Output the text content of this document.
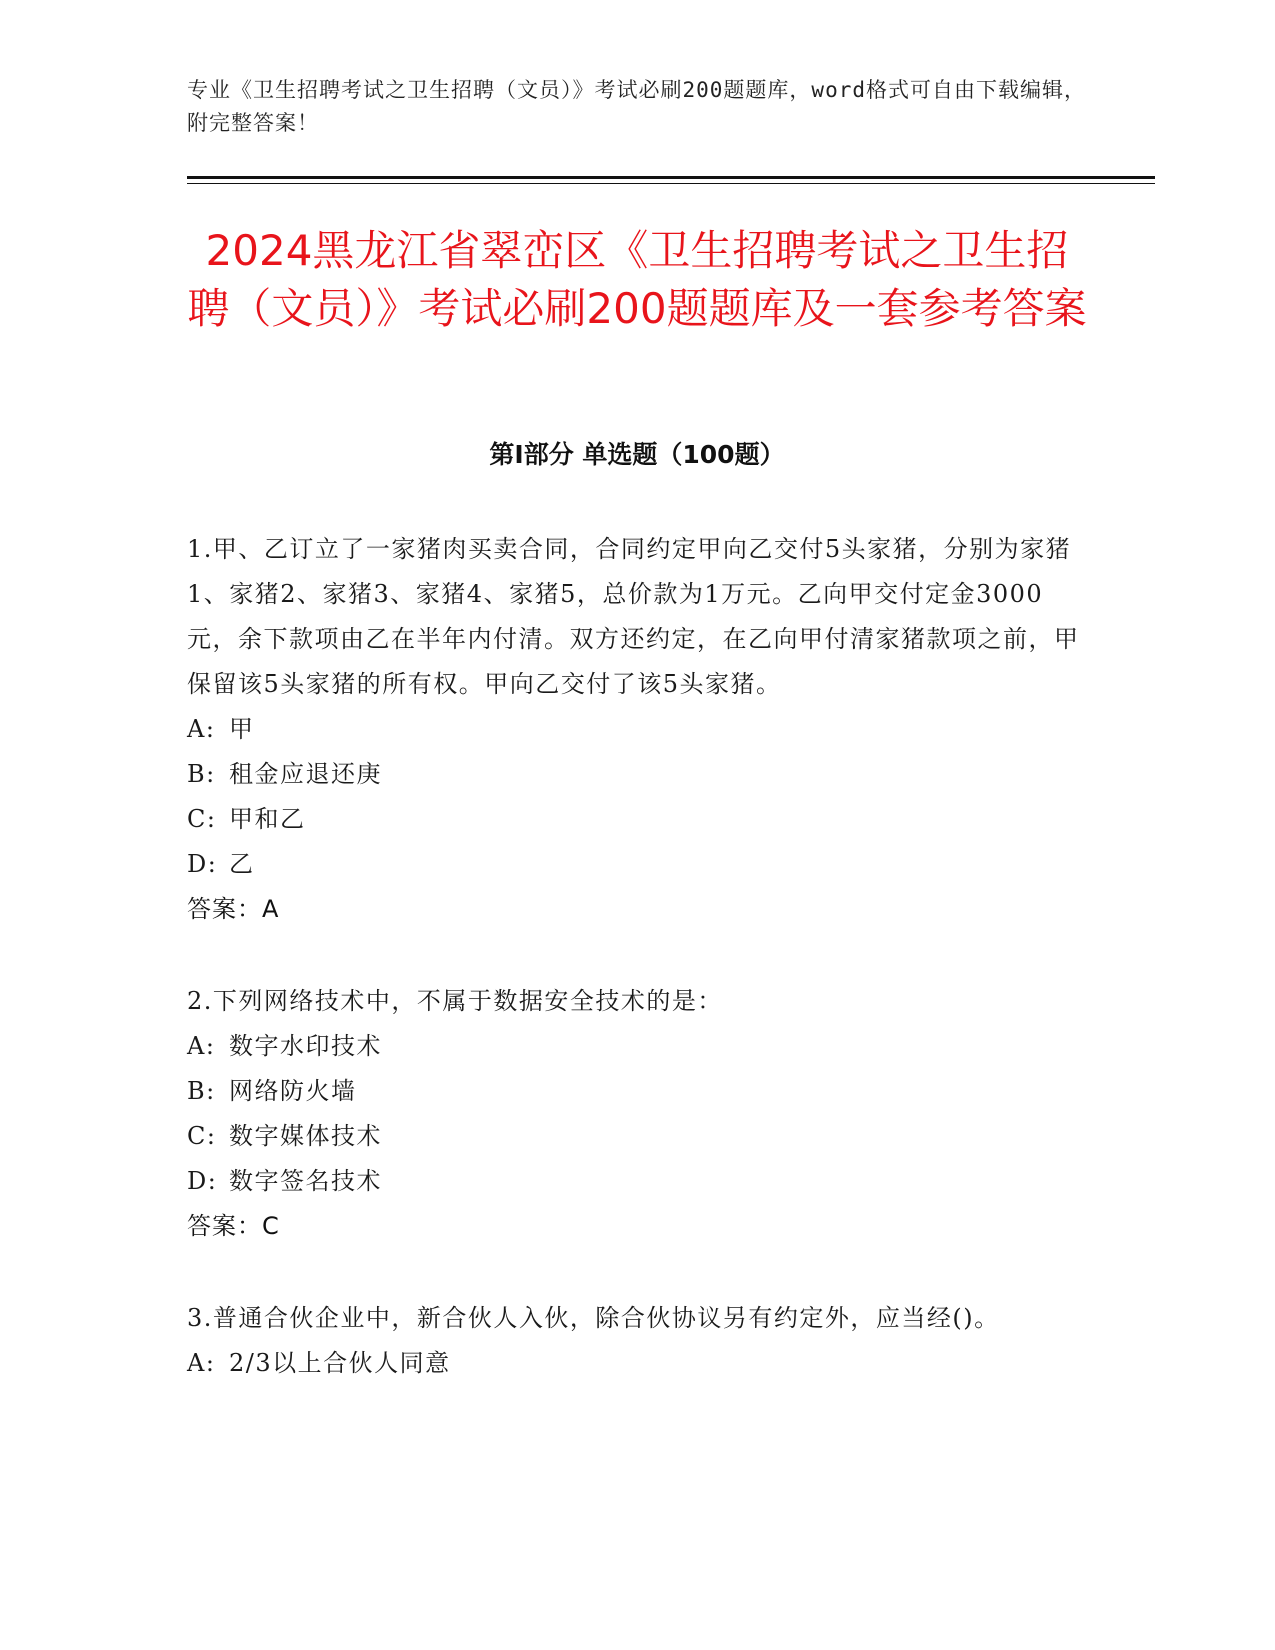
专业《卫生招聘考试之卫生招聘（文员）》考试必刷200题题库，word格式可自由下载编辑，附完整答案！
2024黑龙江省翠峦区《卫生招聘考试之卫生招聘（文员）》考试必刷200题题库及一套参考答案
第Ⅰ部分 单选题（100题）

1.甲、乙订立了一家猪肉买卖合同，合同约定甲向乙交付5头家猪，分别为家猪1、家猪2、家猪3、家猪4、家猪5，总价款为1万元。乙向甲交付定金3000元，余下款项由乙在半年内付清。双方还约定，在乙向甲付清家猪款项之前，甲保留该5头家猪的所有权。甲向乙交付了该5头家猪。

A: 甲
B: 租金应退还庚
C: 甲和乙
D: 乙

答案：A

2.下列网络技术中，不属于数据安全技术的是：

A: 数字水印技术
B: 网络防火墙
C: 数字媒体技术
D: 数字签名技术

答案：C

3.普通合伙企业中，新合伙人入伙，除合伙协议另有约定外，应当经()。

A: 2/3以上合伙人同意
